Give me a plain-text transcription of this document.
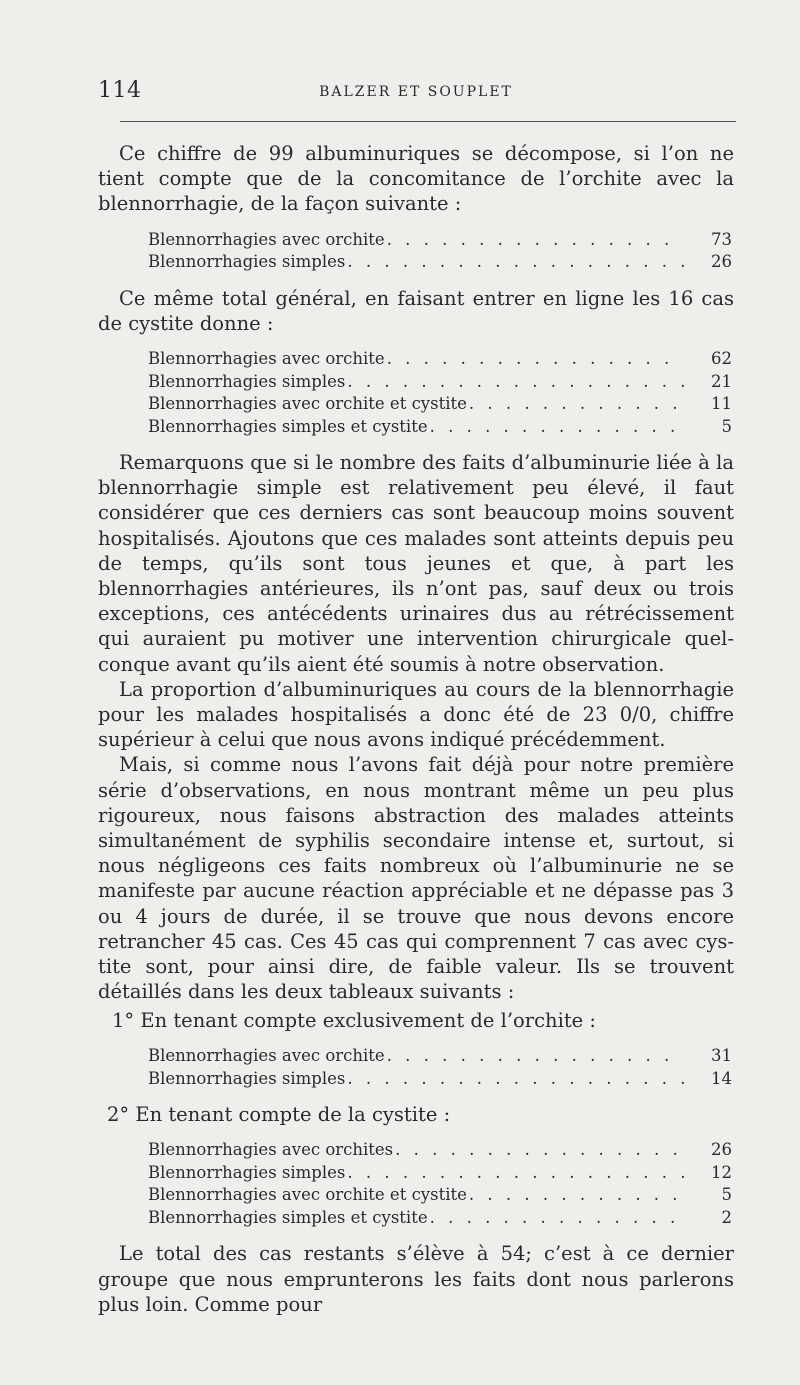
114	BALZER ET SOUPLET

Ce chiffre de 99 albuminuriques se décompose, si l’on ne tient compte que de la concomitance de l’orchite avec la blennorrhagie, de la façon suivante :

Blennorrhagies avec orchite . . .	73
Blennorrhagies simples . . .	26

Ce même total général, en faisant entrer en ligne les 16 cas de cystite donne :

Blennorrhagies avec orchite . . .	62
Blennorrhagies simples . . .	21
Blennorrhagies avec orchite et cystite . . .	11
Blennorrhagies simples et cystite . . .	5

Remarquons que si le nombre des faits d’albuminurie liée à la blennorrhagie simple est relativement peu élevé, il faut considérer que ces derniers cas sont beaucoup moins souvent hospitalisés. Ajoutons que ces malades sont atteints depuis peu de temps, qu’ils sont tous jeunes et que, à part les blennorrhagies antérieures, ils n’ont pas, sauf deux ou trois exceptions, ces antécédents urinaires dus au rétrécissement qui auraient pu motiver une intervention chirurgicale quelconque avant qu’ils aient été soumis à notre observation.

La proportion d’albuminuriques au cours de la blennorrhagie pour les malades hospitalisés a donc été de 23 0/0, chiffre supérieur à celui que nous avons indiqué précédemment.

Mais, si comme nous l’avons fait déjà pour notre première série d’observations, en nous montrant même un peu plus rigoureux, nous faisons abstraction des malades atteints simultanément de syphilis secondaire intense et, surtout, si nous négligeons ces faits nombreux où l’albuminurie ne se manifeste par aucune réaction appréciable et ne dépasse pas 3 ou 4 jours de durée, il se trouve que nous devons encore retrancher 45 cas. Ces 45 cas qui comprennent 7 cas avec cystite sont, pour ainsi dire, de faible valeur. Ils se trouvent détaillés dans les deux tableaux suivants :

1° En tenant compte exclusivement de l’orchite :
Blennorrhagies avec orchite . . .	31
Blennorrhagies simples . . .	14
2° En tenant compte de la cystite :
Blennorrhagies avec orchites . . .	26
Blennorrhagies simples . . .	12
Blennorrhagies avec orchite et cystite . . .	5
Blennorrhagies simples et cystite . . .	2

Le total des cas restants s’élève à 54; c’est à ce dernier groupe que nous emprunterons les faits dont nous parlerons plus loin. Comme pour
